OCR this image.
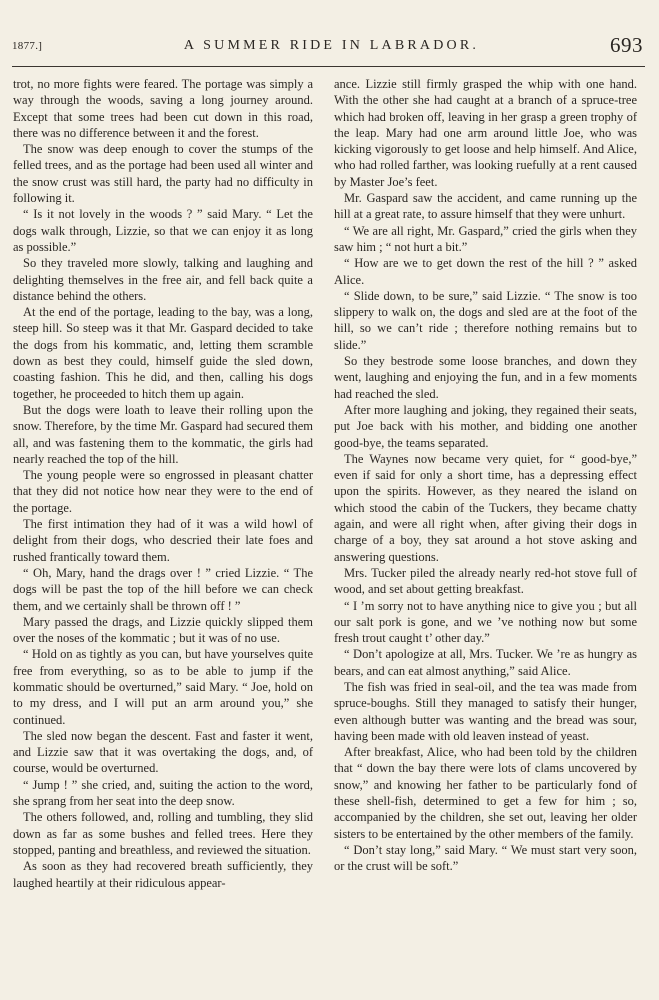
1877.]	A SUMMER RIDE IN LABRADOR.	693

trot, no more fights were feared. The portage was simply a way through the woods, saving a long journey around. Except that some trees had been cut down in this road, there was no difference between it and the forest.

The snow was deep enough to cover the stumps of the felled trees, and as the portage had been used all winter and the snow crust was still hard, the party had no difficulty in following it.

“ Is it not lovely in the woods ? ” said Mary. “ Let the dogs walk through, Lizzie, so that we can enjoy it as long as possible.”

So they traveled more slowly, talking and laughing and delighting themselves in the free air, and fell back quite a distance behind the others.

At the end of the portage, leading to the bay, was a long, steep hill. So steep was it that Mr. Gaspard decided to take the dogs from his kommatic, and, letting them scramble down as best they could, himself guide the sled down, coasting fashion. This he did, and then, calling his dogs together, he proceeded to hitch them up again.

But the dogs were loath to leave their rolling upon the snow. Therefore, by the time Mr. Gaspard had secured them all, and was fastening them to the kommatic, the girls had nearly reached the top of the hill.

The young people were so engrossed in pleasant chatter that they did not notice how near they were to the end of the portage.

The first intimation they had of it was a wild howl of delight from their dogs, who descried their late foes and rushed frantically toward them.

“ Oh, Mary, hand the drags over ! ” cried Lizzie. “ The dogs will be past the top of the hill before we can check them, and we certainly shall be thrown off ! ”

Mary passed the drags, and Lizzie quickly slipped them over the noses of the kommatic ; but it was of no use.

“ Hold on as tightly as you can, but have yourselves quite free from everything, so as to be able to jump if the kommatic should be overturned,” said Mary. “ Joe, hold on to my dress, and I will put an arm around you,” she continued.

The sled now began the descent. Fast and faster it went, and Lizzie saw that it was overtaking the dogs, and, of course, would be overturned.

“ Jump ! ” she cried, and, suiting the action to the word, she sprang from her seat into the deep snow.

The others followed, and, rolling and tumbling, they slid down as far as some bushes and felled trees. Here they stopped, panting and breathless, and reviewed the situation.

As soon as they had recovered breath sufficiently, they laughed heartily at their ridiculous appear-

ance. Lizzie still firmly grasped the whip with one hand. With the other she had caught at a branch of a spruce-tree which had broken off, leaving in her grasp a green trophy of the leap. Mary had one arm around little Joe, who was kicking vigorously to get loose and help himself. And Alice, who had rolled farther, was looking ruefully at a rent caused by Master Joe’s feet.

Mr. Gaspard saw the accident, and came running up the hill at a great rate, to assure himself that they were unhurt.

“ We are all right, Mr. Gaspard,” cried the girls when they saw him ; “ not hurt a bit.”

“ How are we to get down the rest of the hill ? ” asked Alice.

“ Slide down, to be sure,” said Lizzie. “ The snow is too slippery to walk on, the dogs and sled are at the foot of the hill, so we can’t ride ; therefore nothing remains but to slide.”

So they bestrode some loose branches, and down they went, laughing and enjoying the fun, and in a few moments had reached the sled.

After more laughing and joking, they regained their seats, put Joe back with his mother, and bidding one another good-bye, the teams separated.

The Waynes now became very quiet, for “ good-bye,” even if said for only a short time, has a depressing effect upon the spirits. However, as they neared the island on which stood the cabin of the Tuckers, they became chatty again, and were all right when, after giving their dogs in charge of a boy, they sat around a hot stove asking and answering questions.

Mrs. Tucker piled the already nearly red-hot stove full of wood, and set about getting breakfast.

“ I ’m sorry not to have anything nice to give you ; but all our salt pork is gone, and we ’ve nothing now but some fresh trout caught t’ other day.”

“ Don’t apologize at all, Mrs. Tucker. We ’re as hungry as bears, and can eat almost anything,” said Alice.

The fish was fried in seal-oil, and the tea was made from spruce-boughs. Still they managed to satisfy their hunger, even although butter was wanting and the bread was sour, having been made with old leaven instead of yeast.

After breakfast, Alice, who had been told by the children that “ down the bay there were lots of clams uncovered by snow,” and knowing her father to be particularly fond of these shell-fish, determined to get a few for him ; so, accompanied by the children, she set out, leaving her older sisters to be entertained by the other members of the family.

“ Don’t stay long,” said Mary. “ We must start very soon, or the crust will be soft.”
